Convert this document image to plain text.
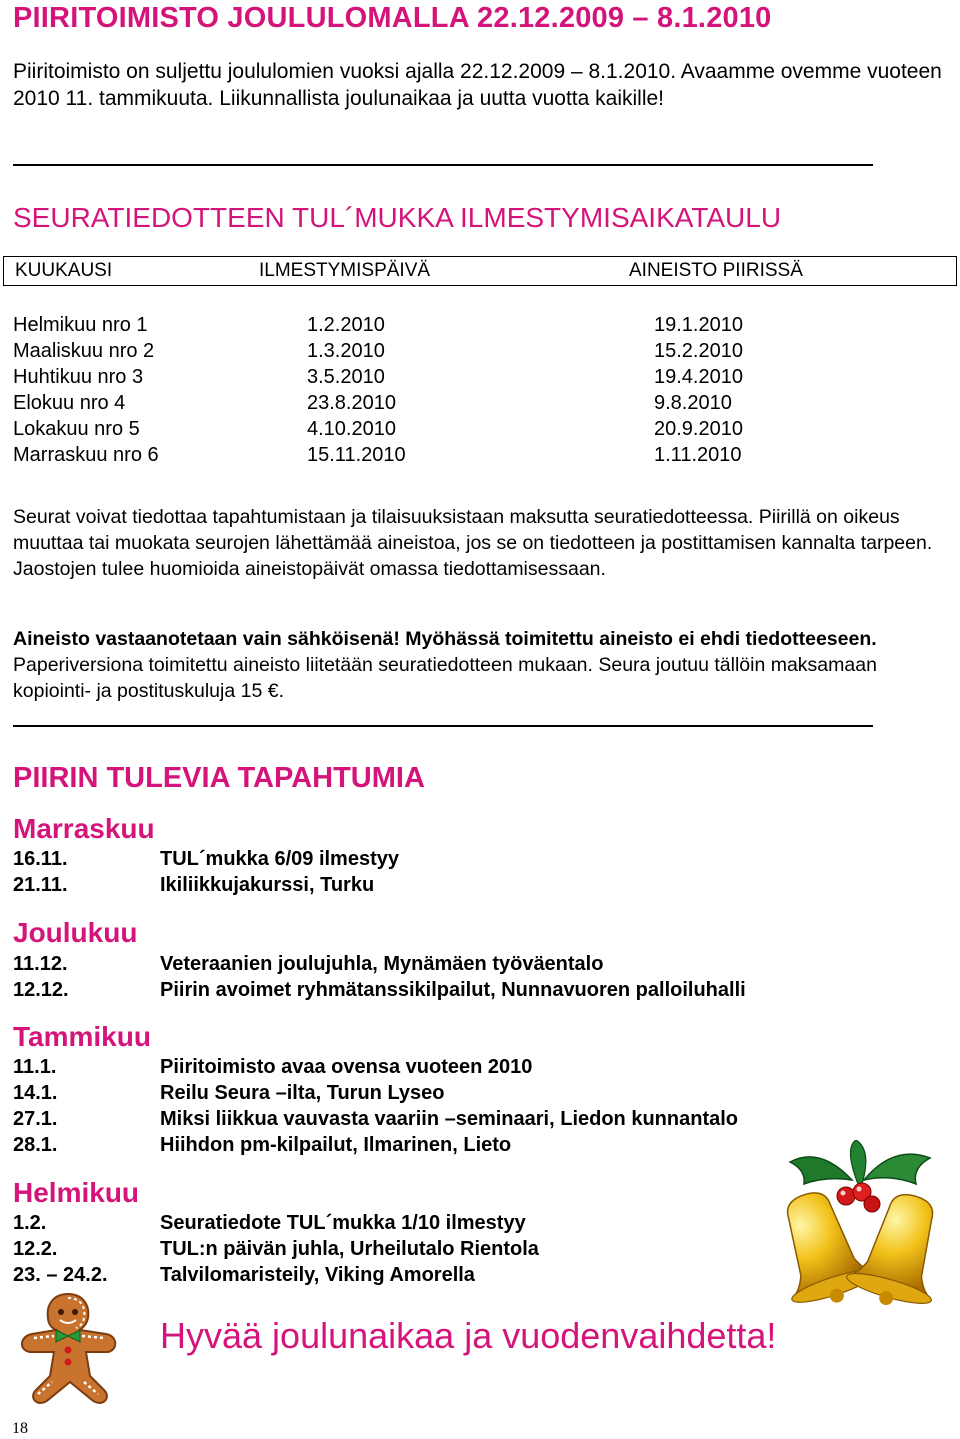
PIIRITOIMISTO JOULULOMALLA 22.12.2009 – 8.1.2010
Piiritoimisto on suljettu joululomien vuoksi ajalla 22.12.2009 – 8.1.2010. Avaamme ovemme vuoteen 2010 11. tammikuuta. Liikunnallista joulunaikaa ja uutta vuotta kaikille!
SEURATIEDOTTEEN TUL´MUKKA ILMESTYMISAIKATAULU
KUUKAUSI	ILMESTYMISPÄIVÄ	AINEISTO PIIRISSÄ
Helmikuu nro 1	1.2.2010	19.1.2010
Maaliskuu nro 2	1.3.2010	15.2.2010
Huhtikuu nro 3	3.5.2010	19.4.2010
Elokuu nro 4	23.8.2010	9.8.2010
Lokakuu nro 5	4.10.2010	20.9.2010
Marraskuu nro 6	15.11.2010	1.11.2010
Seurat voivat tiedottaa tapahtumistaan ja tilaisuuksistaan maksutta seuratiedotteessa. Piirillä on oikeus muuttaa tai muokata seurojen lähettämää aineistoa, jos se on tiedotteen ja postittamisen kannalta tarpeen. Jaostojen tulee huomioida aineistopäivät omassa tiedottamisessaan.
Aineisto vastaanotetaan vain sähköisenä! Myöhässä toimitettu aineisto ei ehdi tiedotteeseen. Paperiversiona toimitettu aineisto liitetään seuratiedotteen mukaan. Seura joutuu tällöin maksamaan kopiointi- ja postituskuluja 15 €.
PIIRIN TULEVIA TAPAHTUMIA
Marraskuu
16.11.	TUL´mukka 6/09 ilmestyy
21.11.	Ikiliikkujakurssi, Turku
Joulukuu
11.12.	Veteraanien joulujuhla, Mynämäen työväentalo
12.12.	Piirin avoimet ryhmätanssikilpailut, Nunnavuoren palloiluhalli
Tammikuu
11.1.	Piiritoimisto avaa ovensa vuoteen 2010
14.1.	Reilu Seura –ilta, Turun Lyseo
27.1.	Miksi liikkua vauvasta vaariin –seminaari, Liedon kunnantalo
28.1.	Hiihdon pm-kilpailut, Ilmarinen, Lieto
Helmikuu
1.2.	Seuratiedote TUL´mukka 1/10 ilmestyy
12.2.	TUL:n päivän juhla, Urheilutalo Rientola
23. – 24.2.	Talvilomaristeily, Viking Amorella
Hyvää joulunaikaa ja vuodenvaihdetta!
18
